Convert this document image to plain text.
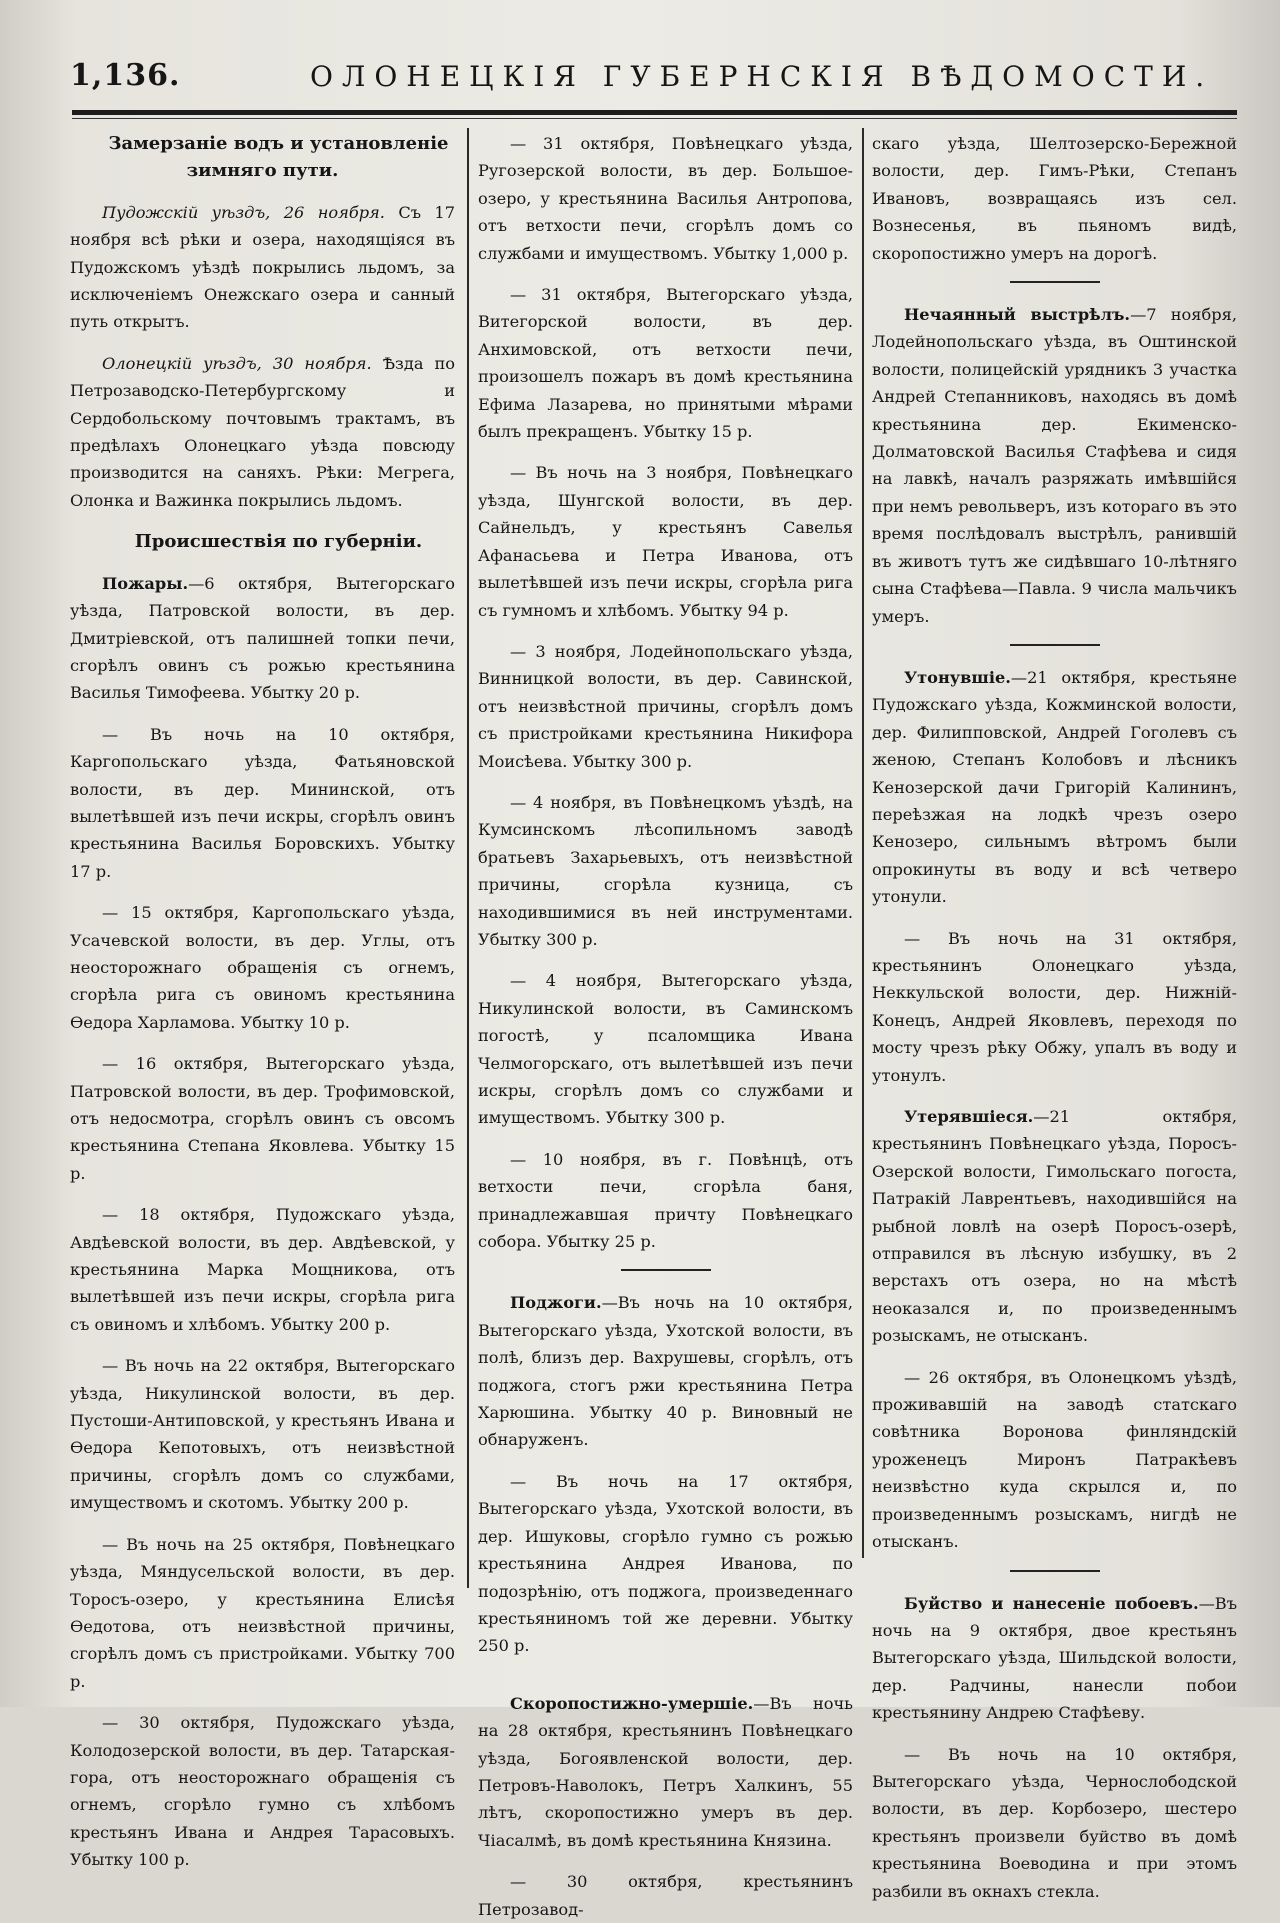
1,136.	ОЛОНЕЦКІЯ ГУБЕРНСКІЯ ВѢДОМОСТИ.

Замерзаніе водъ и установленіе зимняго пути.

Пудожскій уѣздъ, 26 ноября. Съ 17 ноября всѣ рѣки и озера, находящіяся въ Пудожскомъ уѣздѣ покрылись льдомъ, за исключеніемъ Онежскаго озера и санный путь открытъ.

Олонецкій уѣздъ, 30 ноября. Ѣзда по Петрозаводско-Петербургскому и Сердобольскому почтовымъ трактамъ, въ предѣлахъ Олонецкаго уѣзда повсюду производится на саняхъ. Рѣки: Мегрега, Олонка и Важинка покрылись льдомъ.

Происшествія по губерніи.

Пожары.—6 октября, Вытегорскаго уѣзда, Патровской волости, въ дер. Дмитріевской, отъ палишней топки печи, сгорѣлъ овинъ съ рожью крестьянина Василья Тимофеева. Убытку 20 р.

— Въ ночь на 10 октября, Каргопольскаго уѣзда, Фатьяновской волости, въ дер. Мининской, отъ вылетѣвшей изъ печи искры, сгорѣлъ овинъ крестьянина Василья Боровскихъ. Убытку 17 р.

— 15 октября, Каргопольскаго уѣзда, Усачевской волости, въ дер. Углы, отъ неосторожнаго обращенія съ огнемъ, сгорѣла рига съ овиномъ крестьянина Ѳедора Харламова. Убытку 10 р.

— 16 октября, Вытегорскаго уѣзда, Патровской волости, въ дер. Трофимовской, отъ недосмотра, сгорѣлъ овинъ съ овсомъ крестьянина Степана Яковлева. Убытку 15 р.

— 18 октября, Пудожскаго уѣзда, Авдѣевской волости, въ дер. Авдѣевской, у крестьянина Марка Мощникова, отъ вылетѣвшей изъ печи искры, сгорѣла рига съ овиномъ и хлѣбомъ. Убытку 200 р.

— Въ ночь на 22 октября, Вытегорскаго уѣзда, Никулинской волости, въ дер. Пустоши-Антиповской, у крестьянъ Ивана и Ѳедора Кепотовыхъ, отъ неизвѣстной причины, сгорѣлъ домъ со службами, имуществомъ и скотомъ. Убытку 200 р.

— Въ ночь на 25 октября, Повѣнецкаго уѣзда, Мяндусельской волости, въ дер. Торосъ-озеро, у крестьянина Елисѣя Ѳедотова, отъ неизвѣстной причины, сгорѣлъ домъ съ пристройками. Убытку 700 р.

— 30 октября, Пудожскаго уѣзда, Колодозерской волости, въ дер. Татарская-гора, отъ неосторожнаго обращенія съ огнемъ, сгорѣло гумно съ хлѣбомъ крестьянъ Ивана и Андрея Тарасовыхъ. Убытку 100 р.

— 31 октября, Повѣнецкаго уѣзда, Ругозерской волости, въ дер. Большое-озеро, у крестьянина Василья Антропова, отъ ветхости печи, сгорѣлъ домъ со службами и имуществомъ. Убытку 1,000 р.

— 31 октября, Вытегорскаго уѣзда, Витегорской волости, въ дер. Анхимовской, отъ ветхости печи, произошелъ пожаръ въ домѣ крестьянина Ефима Лазарева, но принятыми мѣрами былъ прекращенъ. Убытку 15 р.

— Въ ночь на 3 ноября, Повѣнецкаго уѣзда, Шунгской волости, въ дер. Сайнельдъ, у крестьянъ Савелья Афанасьева и Петра Иванова, отъ вылетѣвшей изъ печи искры, сгорѣла рига съ гумномъ и хлѣбомъ. Убытку 94 р.

— 3 ноября, Лодейнопольскаго уѣзда, Винницкой волости, въ дер. Савинской, отъ неизвѣстной причины, сгорѣлъ домъ съ пристройками крестьянина Никифора Моисѣева. Убытку 300 р.

— 4 ноября, въ Повѣнецкомъ уѣздѣ, на Кумсинскомъ лѣсопильномъ заводѣ братьевъ Захарьевыхъ, отъ неизвѣстной причины, сгорѣла кузница, съ находившимися въ ней инструментами. Убытку 300 р.

— 4 ноября, Вытегорскаго уѣзда, Никулинской волости, въ Саминскомъ погостѣ, у псаломщика Ивана Челмогорскаго, отъ вылетѣвшей изъ печи искры, сгорѣлъ домъ со службами и имуществомъ. Убытку 300 р.

— 10 ноября, въ г. Повѣнцѣ, отъ ветхости печи, сгорѣла баня, принадлежавшая причту Повѣнецкаго собора. Убытку 25 р.

Поджоги.—Въ ночь на 10 октября, Вытегорскаго уѣзда, Ухотской волости, въ полѣ, близъ дер. Вахрушевы, сгорѣлъ, отъ поджога, стогъ ржи крестьянина Петра Харюшина. Убытку 40 р. Виновный не обнаруженъ.

— Въ ночь на 17 октября, Вытегорскаго уѣзда, Ухотской волости, въ дер. Ишуковы, сгорѣло гумно съ рожью крестьянина Андрея Иванова, по подозрѣнію, отъ поджога, произведеннаго крестьяниномъ той же деревни. Убытку 250 р.

Скоропостижно-умершіе.—Въ ночь на 28 октября, крестьянинъ Повѣнецкаго уѣзда, Богоявленской волости, дер. Петровъ-Наволокъ, Петръ Халкинъ, 55 лѣтъ, скоропостижно умеръ въ дер. Чіасалмѣ, въ домѣ крестьянина Князина.

— 30 октября, крестьянинъ Петрозавод-

скаго уѣзда, Шелтозерско-Бережной волости, дер. Гимъ-Рѣки, Степанъ Ивановъ, возвращаясь изъ сел. Вознесенья, въ пьяномъ видѣ, скоропостижно умеръ на дорогѣ.

Нечаянный выстрѣлъ.—7 ноября, Лодейнопольскаго уѣзда, въ Оштинской волости, полицейскій урядникъ 3 участка Андрей Степанниковъ, находясь въ домѣ крестьянина дер. Екименско-Долматовской Василья Стафѣева и сидя на лавкѣ, началъ разряжать имѣвшійся при немъ револьверъ, изъ котораго въ это время послѣдовалъ выстрѣлъ, ранившій въ животъ тутъ же сидѣвшаго 10-лѣтняго сына Стафѣева—Павла. 9 числа мальчикъ умеръ.

Утонувшіе.—21 октября, крестьяне Пудожскаго уѣзда, Кожминской волости, дер. Филипповской, Андрей Гоголевъ съ женою, Степанъ Колобовъ и лѣсникъ Кенозерской дачи Григорій Калининъ, переѣзжая на лодкѣ чрезъ озеро Кенозеро, сильнымъ вѣтромъ были опрокинуты въ воду и всѣ четверо утонули.

— Въ ночь на 31 октября, крестьянинъ Олонецкаго уѣзда, Неккульской волости, дер. Нижній-Конецъ, Андрей Яковлевъ, переходя по мосту чрезъ рѣку Обжу, упалъ въ воду и утонулъ.

Утерявшіеся.—21 октября, крестьянинъ Повѣнецкаго уѣзда, Поросъ-Озерской волости, Гимольскаго погоста, Патракій Лаврентьевъ, находившійся на рыбной ловлѣ на озерѣ Поросъ-озерѣ, отправился въ лѣсную избушку, въ 2 верстахъ отъ озера, но на мѣстѣ неоказался и, по произведеннымъ розыскамъ, не отысканъ.

— 26 октября, въ Олонецкомъ уѣздѣ, проживавшій на заводѣ статскаго совѣтника Воронова финляндскій уроженецъ Миронъ Патракѣевъ неизвѣстно куда скрылся и, по произведеннымъ розыскамъ, нигдѣ не отысканъ.

Буйство и нанесеніе побоевъ.—Въ ночь на 9 октября, двое крестьянъ Вытегорскаго уѣзда, Шильдской волости, дер. Радчины, нанесли побои крестьянину Андрею Стафѣеву.

— Въ ночь на 10 октября, Вытегорскаго уѣзда, Чернослободской волости, въ дер. Корбозеро, шестеро крестьянъ произвели буйство въ домѣ крестьянина Воеводина и при этомъ разбили въ окнахъ стекла.
